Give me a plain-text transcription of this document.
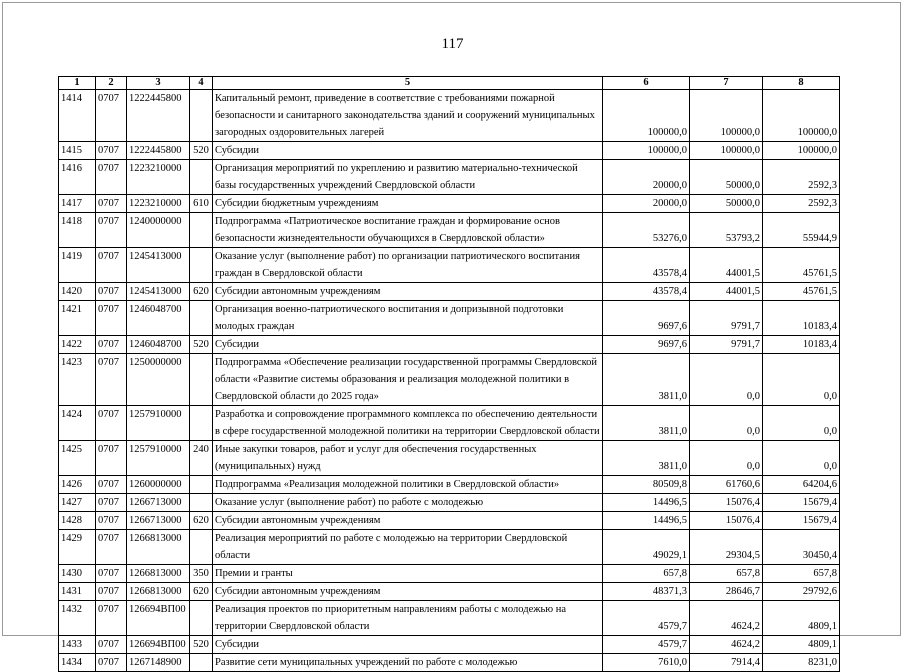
117
1	2	3	4	5	6	7	8
1414	0707	1222445800		Капитальный ремонт, приведение в соответствие с требованиями пожарной безопасности и санитарного законодательства зданий и сооружений муниципальных загородных оздоровительных лагерей	100000,0	100000,0	100000,0
1415	0707	1222445800	520	Субсидии	100000,0	100000,0	100000,0
1416	0707	1223210000		Организация мероприятий по укреплению и развитию материально-технической базы государственных учреждений Свердловской области	20000,0	50000,0	2592,3
1417	0707	1223210000	610	Субсидии бюджетным учреждениям	20000,0	50000,0	2592,3
1418	0707	1240000000		Подпрограмма «Патриотическое воспитание граждан и формирование основ безопасности жизнедеятельности обучающихся в Свердловской области»	53276,0	53793,2	55944,9
1419	0707	1245413000		Оказание услуг (выполнение работ) по организации патриотического воспитания граждан в Свердловской области	43578,4	44001,5	45761,5
1420	0707	1245413000	620	Субсидии автономным учреждениям	43578,4	44001,5	45761,5
1421	0707	1246048700		Организация военно-патриотического воспитания и допризывной подготовки молодых граждан	9697,6	9791,7	10183,4
1422	0707	1246048700	520	Субсидии	9697,6	9791,7	10183,4
1423	0707	1250000000		Подпрограмма «Обеспечение реализации государственной программы Свердловской области «Развитие системы образования и реализация молодежной политики в Свердловской области до 2025 года»	3811,0	0,0	0,0
1424	0707	1257910000		Разработка и сопровождение программного комплекса по обеспечению деятельности в сфере государственной молодежной политики на территории Свердловской области	3811,0	0,0	0,0
1425	0707	1257910000	240	Иные закупки товаров, работ и услуг для обеспечения государственных (муниципальных) нужд	3811,0	0,0	0,0
1426	0707	1260000000		Подпрограмма «Реализация молодежной политики в Свердловской области»	80509,8	61760,6	64204,6
1427	0707	1266713000		Оказание услуг (выполнение работ) по работе с молодежью	14496,5	15076,4	15679,4
1428	0707	1266713000	620	Субсидии автономным учреждениям	14496,5	15076,4	15679,4
1429	0707	1266813000		Реализация мероприятий по работе с молодежью на территории Свердловской области	49029,1	29304,5	30450,4
1430	0707	1266813000	350	Премии и гранты	657,8	657,8	657,8
1431	0707	1266813000	620	Субсидии автономным учреждениям	48371,3	28646,7	29792,6
1432	0707	126694ВП00		Реализация проектов по приоритетным направлениям работы с молодежью на территории Свердловской области	4579,7	4624,2	4809,1
1433	0707	126694ВП00	520	Субсидии	4579,7	4624,2	4809,1
1434	0707	1267148900		Развитие сети муниципальных учреждений по работе с молодежью	7610,0	7914,4	8231,0
